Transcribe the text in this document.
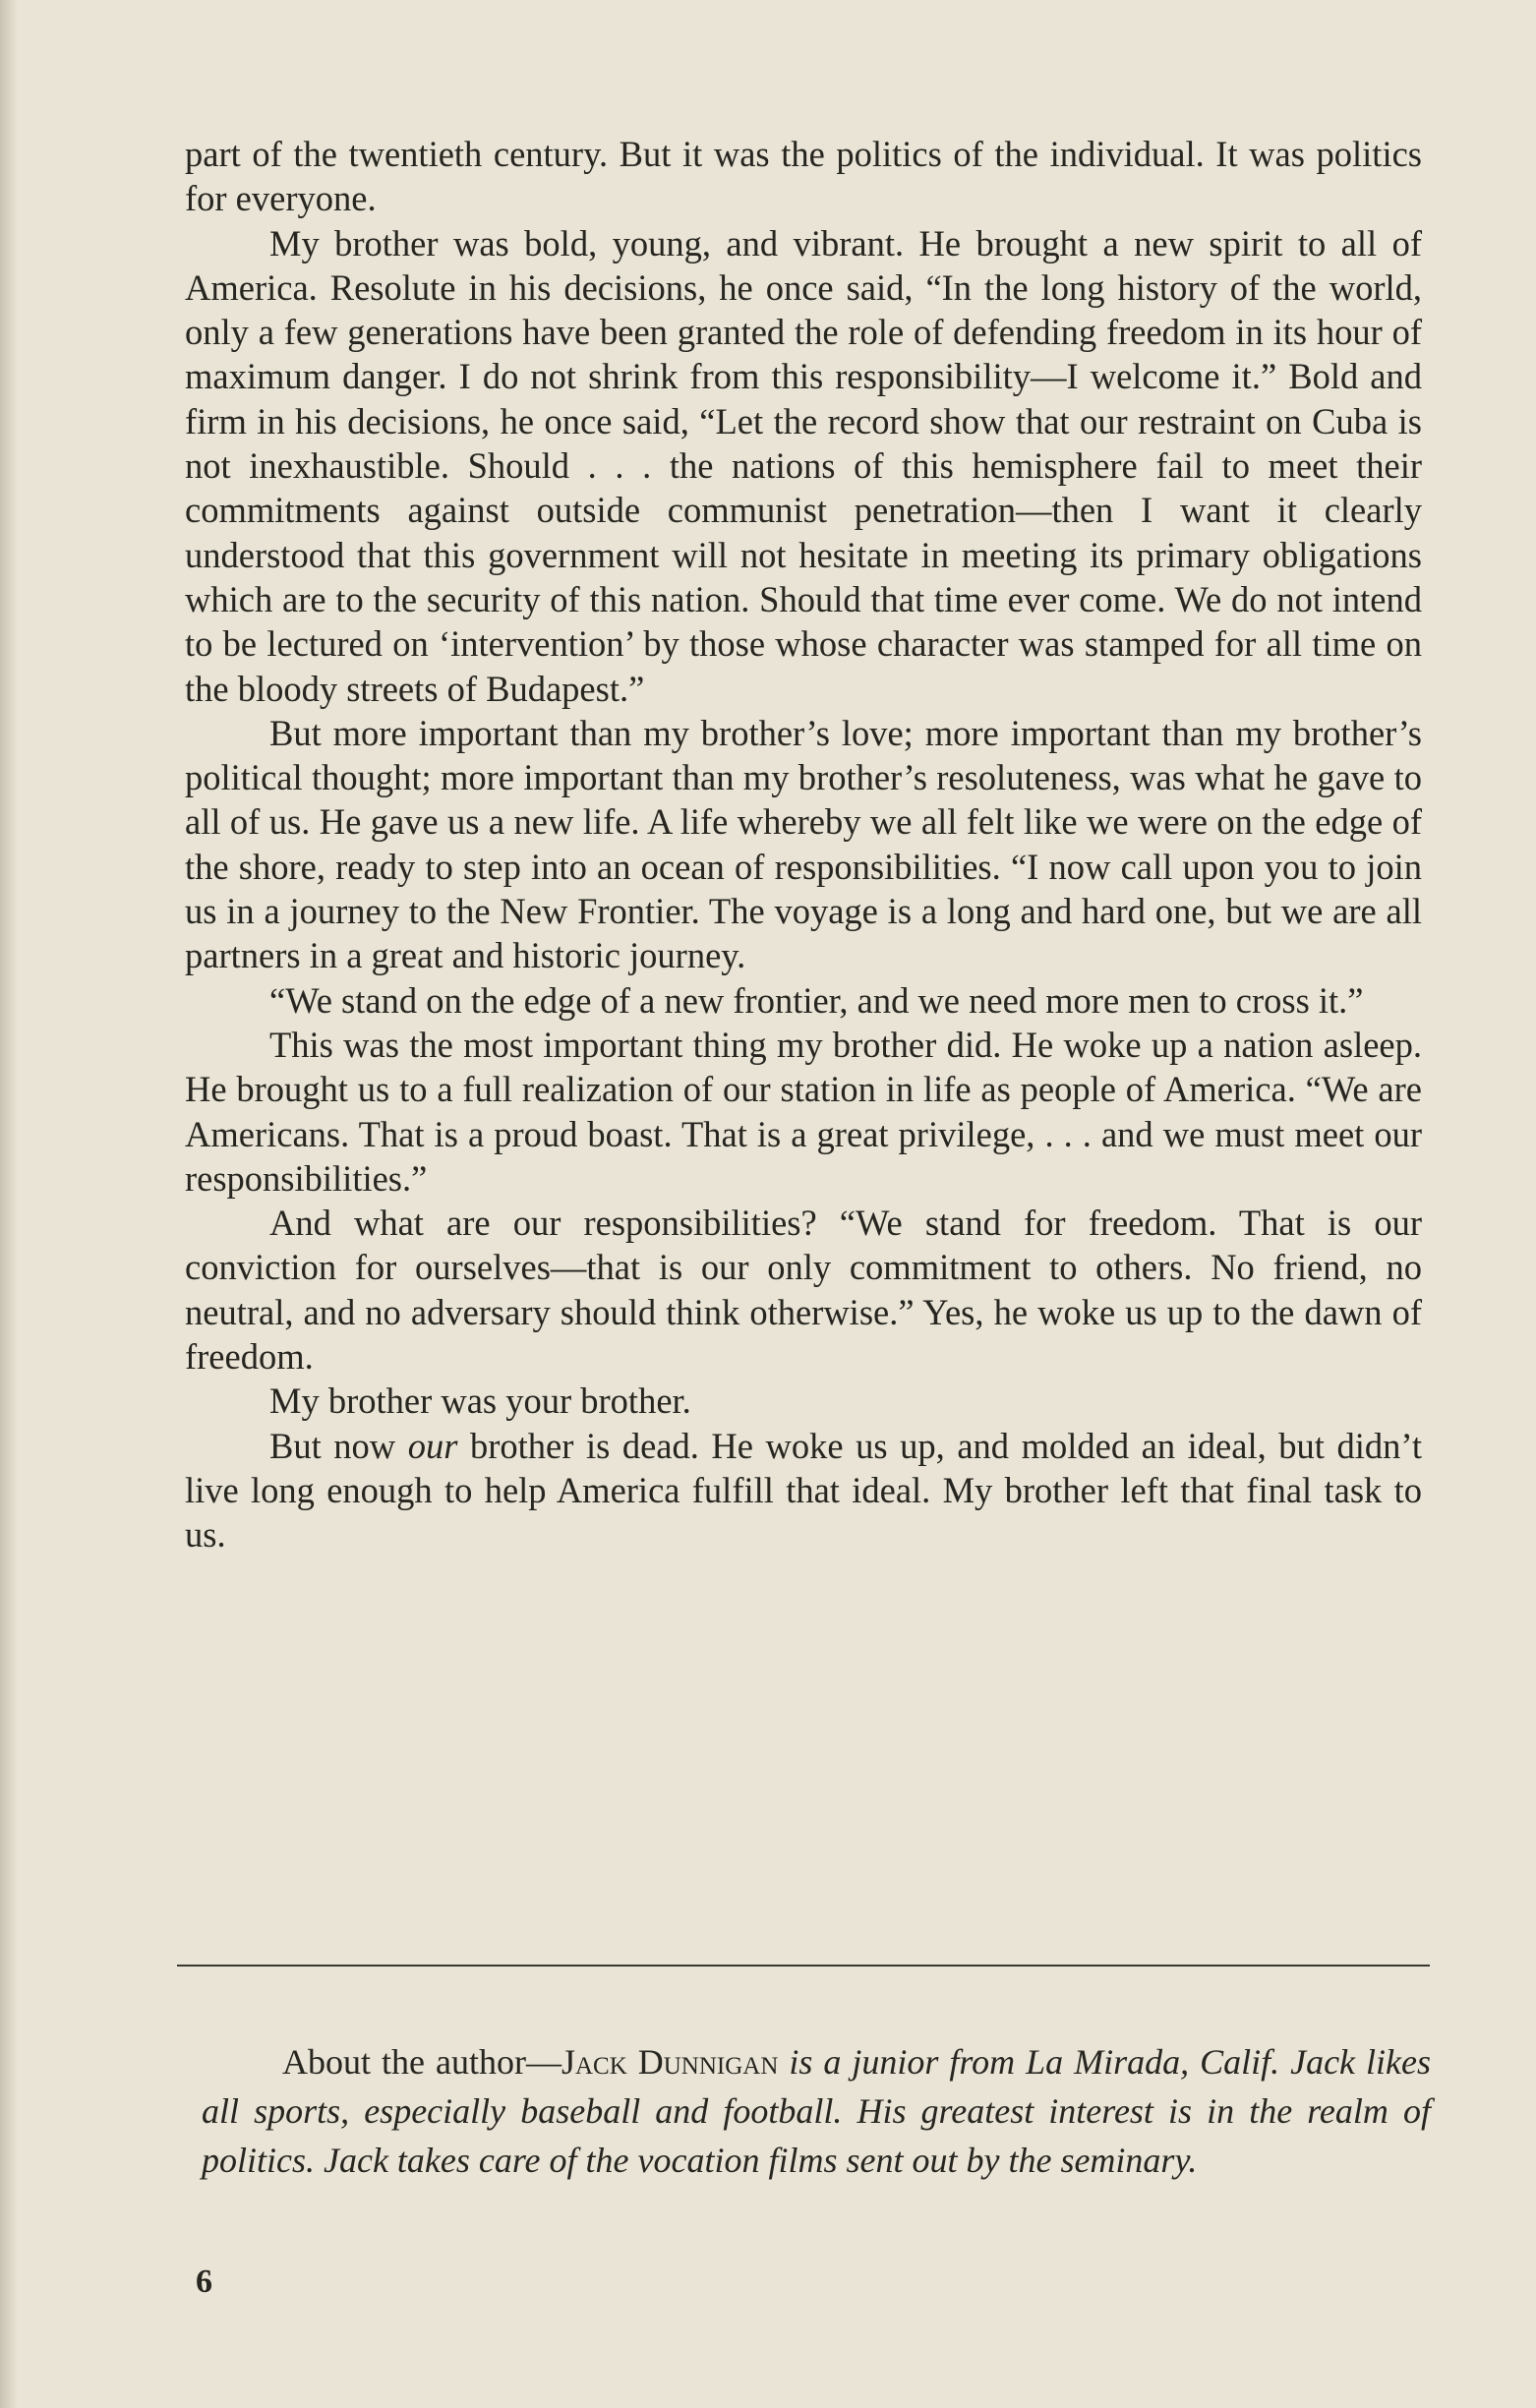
part of the twentieth century. But it was the politics of the individual. It was politics for everyone.

My brother was bold, young, and vibrant. He brought a new spirit to all of America. Resolute in his decisions, he once said, “In the long history of the world, only a few generations have been granted the role of defending freedom in its hour of maximum danger. I do not shrink from this responsibility—I welcome it.” Bold and firm in his decisions, he once said, “Let the record show that our restraint on Cuba is not inexhaustible. Should . . . the nations of this hemisphere fail to meet their commitments against outside communist penetration—then I want it clearly understood that this government will not hesitate in meeting its primary obligations which are to the security of this nation. Should that time ever come. We do not intend to be lectured on ‘intervention’ by those whose character was stamped for all time on the bloody streets of Budapest.”

But more important than my brother’s love; more important than my brother’s political thought; more important than my brother’s resoluteness, was what he gave to all of us. He gave us a new life. A life whereby we all felt like we were on the edge of the shore, ready to step into an ocean of responsibilities. “I now call upon you to join us in a journey to the New Frontier. The voyage is a long and hard one, but we are all partners in a great and historic journey.

“We stand on the edge of a new frontier, and we need more men to cross it.”

This was the most important thing my brother did. He woke up a nation asleep. He brought us to a full realization of our station in life as people of America. “We are Americans. That is a proud boast. That is a great privilege, . . . and we must meet our responsibilities.”

And what are our responsibilities? “We stand for freedom. That is our conviction for ourselves—that is our only commitment to others. No friend, no neutral, and no adversary should think otherwise.” Yes, he woke us up to the dawn of freedom.

My brother was your brother.

But now our brother is dead. He woke us up, and molded an ideal, but didn’t live long enough to help America fulfill that ideal. My brother left that final task to us.

About the author—Jack Dunnigan is a junior from La Mirada, Calif. Jack likes all sports, especially baseball and football. His greatest interest is in the realm of politics. Jack takes care of the vocation films sent out by the seminary.

6
